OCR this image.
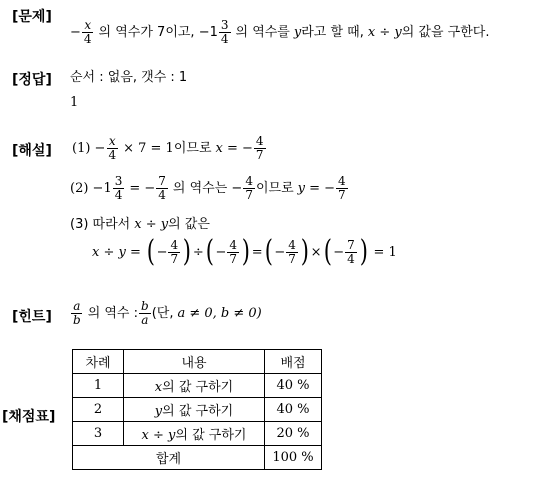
[문제]
[정답]
[해설]
[힌트]
[채점표]
− $\frac{x}{4}$ 의 역수가 7이고, $-1 \frac{3}{4}$ 의 역수를 y 라고 할 때, x ÷ y 의 값을 구한다.
순서 : 없음, 갯수 : 1
1
$(1) - \frac{x}{4} \times 7 = 1$ 이므로 x = − $\frac{4}{7}$
$(2) -1 \frac{3}{4}$ = − $\frac{7}{4}$ 의 역수는 − $\frac{4}{7}$ 이므로 y = − $\frac{4}{7}$
(3) 따라서 x ÷ y 의 값은
x ÷ y = ( − $\frac{4}{7}$ ) ÷ ( − $\frac{4}{7}$ ) = ( − $\frac{4}{7}$ ) × ( − $\frac{7}{4}$ ) = 1
$\frac{a}{b}$ 의 역수 : $\frac{b}{a}$ (단, a ≠ 0, b ≠ 0)
차례	내용	배점
1	x의 값 구하기	40 %
2	y의 값 구하기	40 %
3	x ÷ y의 값 구하기	20 %
합계		100 %
